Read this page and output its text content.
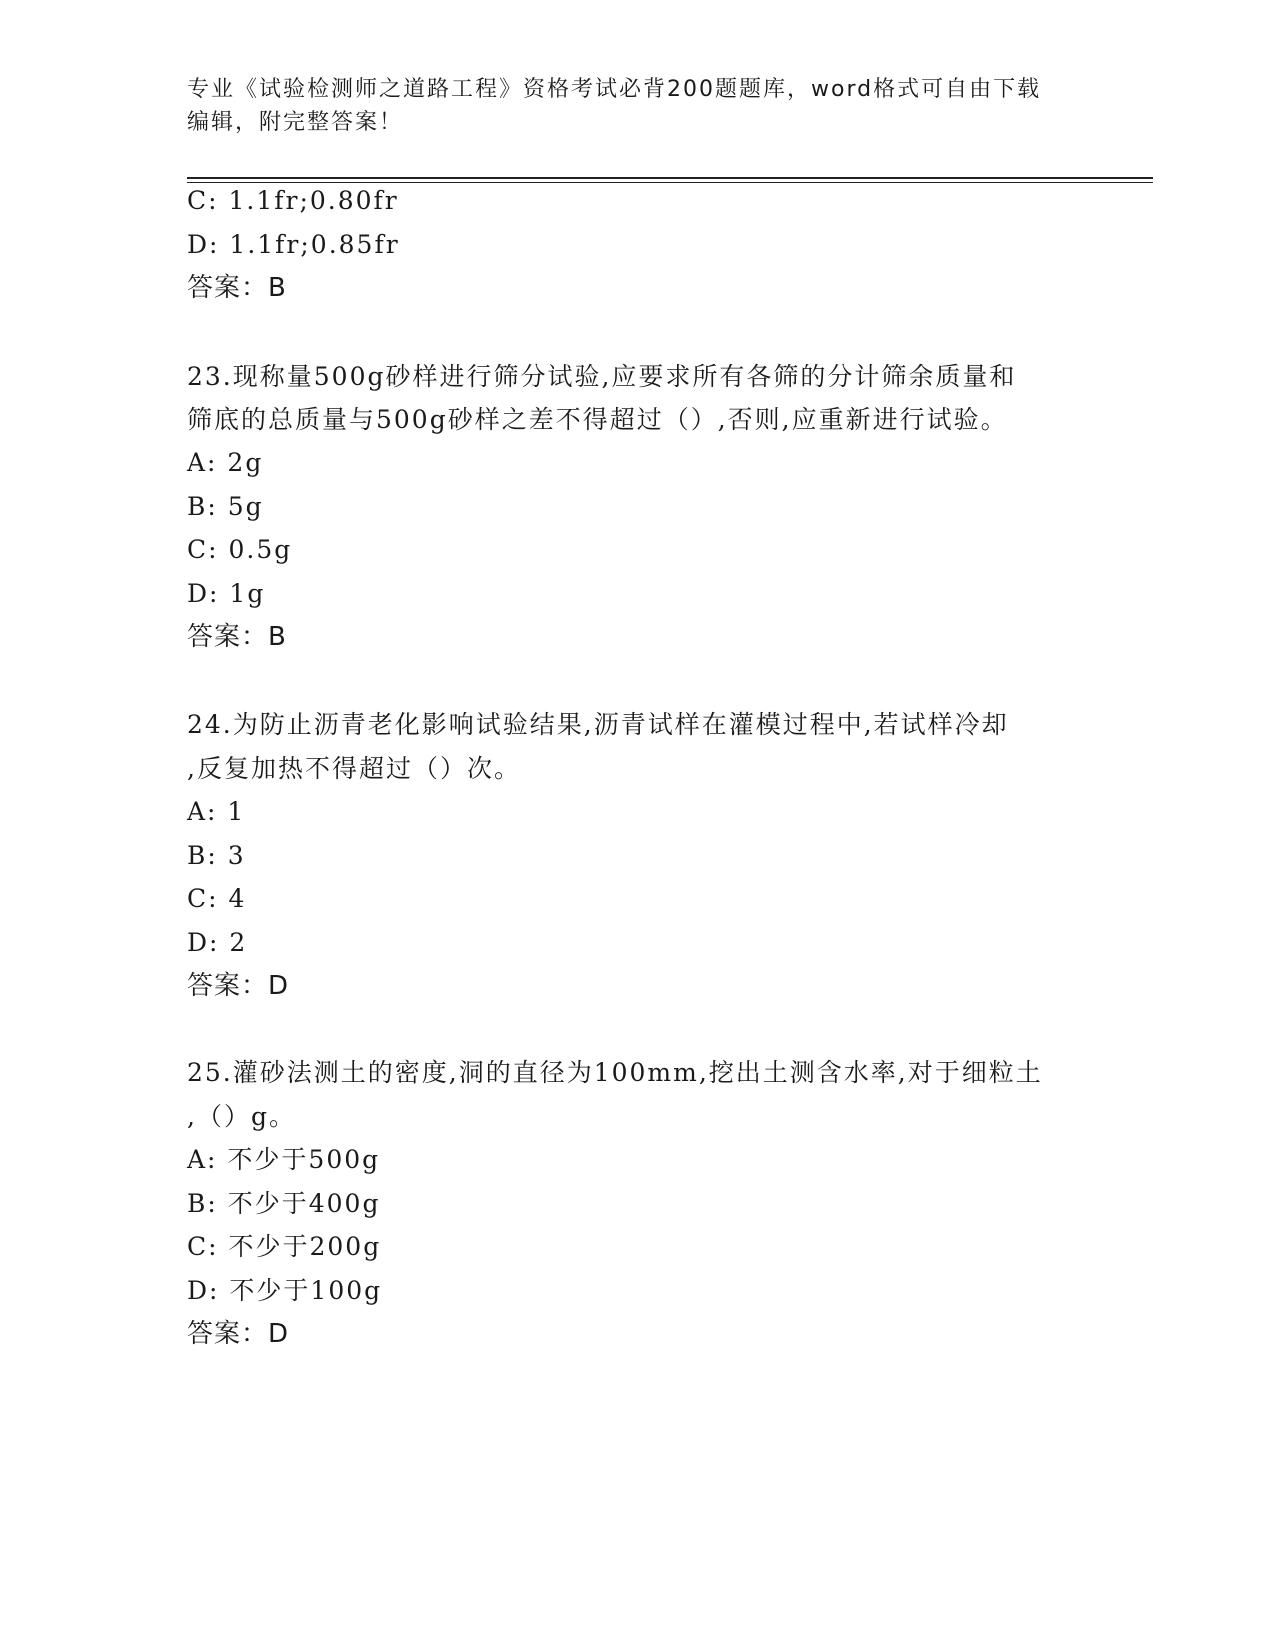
专业《试验检测师之道路工程》资格考试必背200题题库，word格式可自由下载
编辑，附完整答案！
C: 1.1fr;0.80fr
D: 1.1fr;0.85fr
答案：B
23.现称量500g砂样进行筛分试验,应要求所有各筛的分计筛余质量和
筛底的总质量与500g砂样之差不得超过（）,否则,应重新进行试验。
A: 2g
B: 5g
C: 0.5g
D: 1g
答案：B
24.为防止沥青老化影响试验结果,沥青试样在灌模过程中,若试样冷却
,反复加热不得超过（）次。
A: 1
B: 3
C: 4
D: 2
答案：D
25.灌砂法测土的密度,洞的直径为100mm,挖出土测含水率,对于细粒土
,（）g。
A: 不少于500g
B: 不少于400g
C: 不少于200g
D: 不少于100g
答案：D
